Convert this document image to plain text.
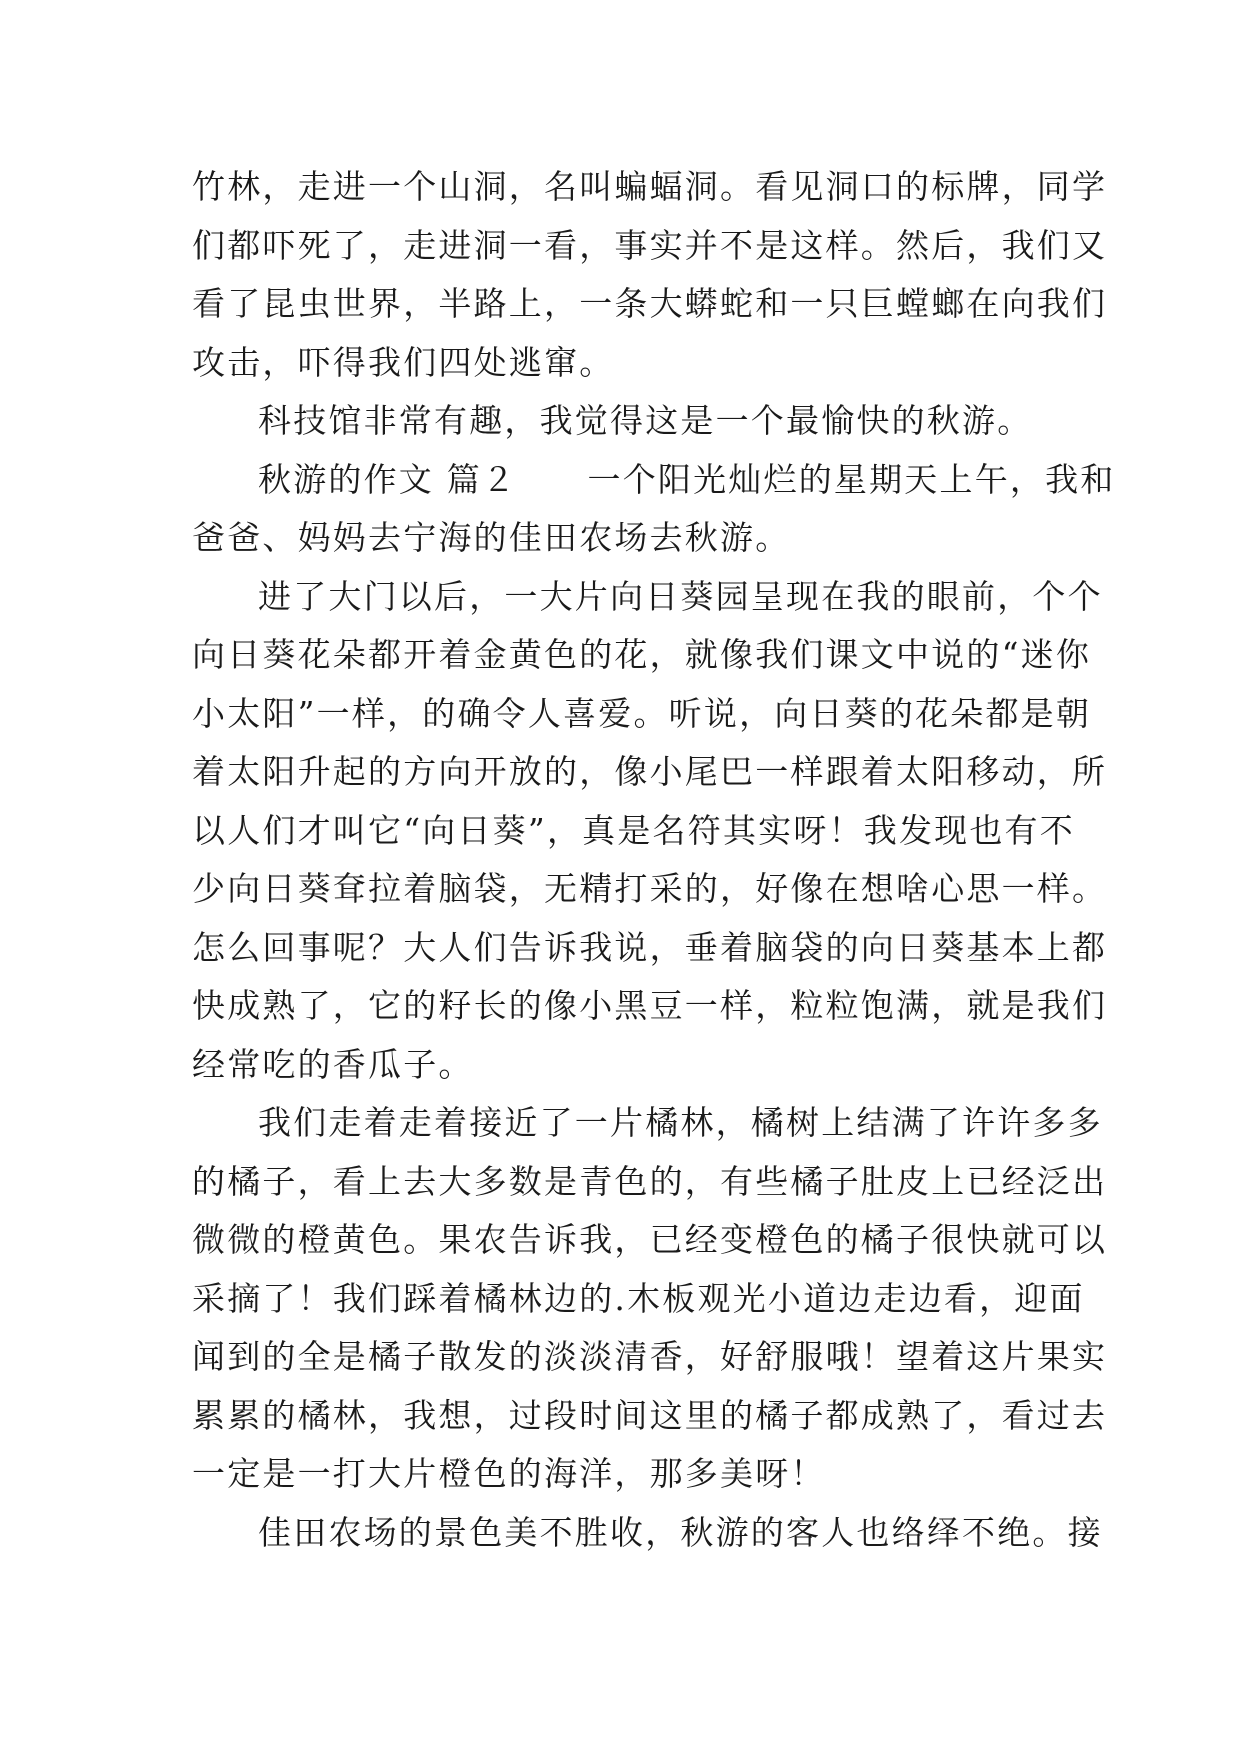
竹林，走进一个山洞，名叫蝙蝠洞。看见洞口的标牌，同学
们都吓死了，走进洞一看，事实并不是这样。然后，我们又
看了昆虫世界，半路上，一条大蟒蛇和一只巨螳螂在向我们
攻击，吓得我们四处逃窜。
科技馆非常有趣，我觉得这是一个最愉快的秋游。
秋游的作文 篇２　　一个阳光灿烂的星期天上午，我和
爸爸、妈妈去宁海的佳田农场去秋游。
进了大门以后，一大片向日葵园呈现在我的眼前，个个
向日葵花朵都开着金黄色的花，就像我们课文中说的“迷你
小太阳”一样，的确令人喜爱。听说，向日葵的花朵都是朝
着太阳升起的方向开放的，像小尾巴一样跟着太阳移动，所
以人们才叫它“向日葵”，真是名符其实呀！我发现也有不
少向日葵耷拉着脑袋，无精打采的，好像在想啥心思一样。
怎么回事呢？大人们告诉我说，垂着脑袋的向日葵基本上都
快成熟了，它的籽长的像小黑豆一样，粒粒饱满，就是我们
经常吃的香瓜子。
我们走着走着接近了一片橘林，橘树上结满了许许多多
的橘子，看上去大多数是青色的，有些橘子肚皮上已经泛出
微微的橙黄色。果农告诉我，已经变橙色的橘子很快就可以
采摘了！我们踩着橘林边的.木板观光小道边走边看，迎面
闻到的全是橘子散发的淡淡清香，好舒服哦！望着这片果实
累累的橘林，我想，过段时间这里的橘子都成熟了，看过去
一定是一打大片橙色的海洋，那多美呀！
佳田农场的景色美不胜收，秋游的客人也络绎不绝。接
